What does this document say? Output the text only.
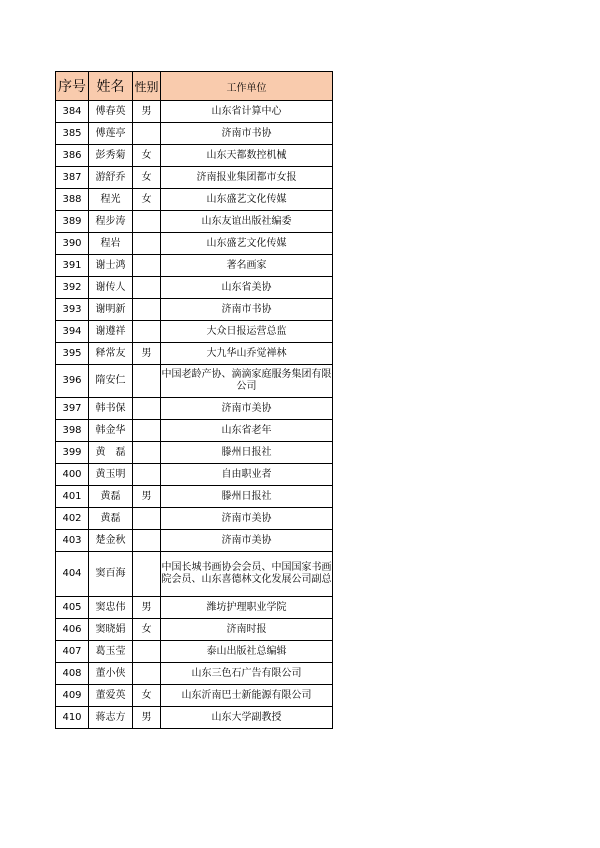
序号	姓名	性别	工作单位
384	傅春英	男	山东省计算中心
385	傅莲亭		济南市书协
386	彭秀菊	女	山东天都数控机械
387	游舒乔	女	济南报业集团都市女报
388	程光	女	山东盛艺文化传媒
389	程步涛		山东友谊出版社编委
390	程岩		山东盛艺文化传媒
391	谢士鸿		著名画家
392	谢传人		山东省美协
393	谢明新		济南市书协
394	谢遵祥		大众日报运营总监
395	释常友	男	大九华山乔觉禅林
396	隋安仁		中国老龄产协、滴滴家庭服务集团有限公司
397	韩书保		济南市美协
398	韩金华		山东省老年
399	黄　磊		滕州日报社
400	黄玉明		自由职业者
401	黄磊	男	滕州日报社
402	黄磊		济南市美协
403	楚金秋		济南市美协
404	窦百海		中国长城书画协会会员、中国国家书画院会员、山东喜德林文化发展公司副总
405	窦忠伟	男	潍坊护理职业学院
406	窦晓娟	女	济南时报
407	葛玉莹		泰山出版社总编辑
408	董小侠		山东三色石广告有限公司
409	董爱英	女	山东沂南巴士新能源有限公司
410	蒋志方	男	山东大学副教授
